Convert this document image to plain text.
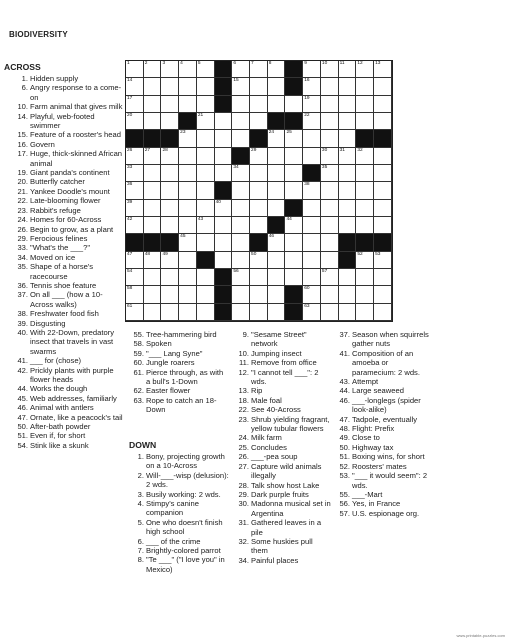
BIODIVERSITY
ACROSS
1. Hidden supply
6. Angry response to a come-on
10. Farm animal that gives milk
14. Playful, web-footed swimmer
15. Feature of a rooster's head
16. Govern
17. Huge, thick-skinned African animal
19. Giant panda's continent
20. Butterfly catcher
21. Yankee Doodle's mount
22. Late-blooming flower
23. Rabbit's refuge
24. Homes for 60-Across
26. Begin to grow, as a plant
29. Ferocious felines
33. "What's the ___?"
34. Moved on ice
35. Shape of a horse's racecourse
36. Tennis shoe feature
37. On all ___ (how a 10-Across walks)
38. Freshwater food fish
39. Disgusting
40. With 22-Down, predatory insect that travels in vast swarms
41. ___ for (chose)
42. Prickly plants with purple flower heads
44. Works the dough
45. Web addresses, familiarly
46. Animal with antlers
47. Ornate, like a peacock's tail
50. After-bath powder
51. Even if, for short
54. Stink like a skunk
55. Tree-hammering bird
58. Spoken
59. "___ Lang Syne"
60. Jungle roarers
61. Pierce through, as with a bull's 1-Down
62. Easter flower
63. Rope to catch an 18-Down
DOWN
1. Bony, projecting growth on a 10-Across
2. Will-___-wisp (delusion): 2 wds.
3. Busily working: 2 wds.
4. Stimpy's canine companion
5. One who doesn't finish high school
6. ___ of the crime
7. Brightly-colored parrot
8. "Te ___" ("I love you" in Mexico)
9. "Sesame Street" network
10. Jumping insect
11. Remove from office
12. "I cannot tell ___": 2 wds.
13. Rip
18. Male foal
22. See 40-Across
23. Shrub yielding fragrant, yellow tubular flowers
24. Milk farm
25. Concludes
26. ___-pea soup
27. Capture wild animals illegally
28. Talk show host Lake
29. Dark purple fruits
30. Madonna musical set in Argentina
31. Gathered leaves in a pile
32. Some huskies pull them
34. Painful places
37. Season when squirrels gather nuts
41. Composition of an amoeba or paramecium: 2 wds.
43. Attempt
44. Large seaweed
46. ___-longlegs (spider look-alike)
47. Tadpole, eventually
48. Flight: Prefix
49. Close to
50. Highway tax
51. Boxing wins, for short
52. Roosters' mates
53. "___ it would seem": 2 wds.
55. ___-Mart
56. Yes, in France
57. U.S. espionage org.
1	2	3	4	5	6	7	8	9	10	11	12	13
14	15	16
17	19
20	21	22
23	24	25
26	27	28	29	30	31	32
33	34	35
36	38
39	40
42	43	44
45	46
47	48	49	50	52	53
54	56	57
58	60
61	63
www.printable-puzzles.com
